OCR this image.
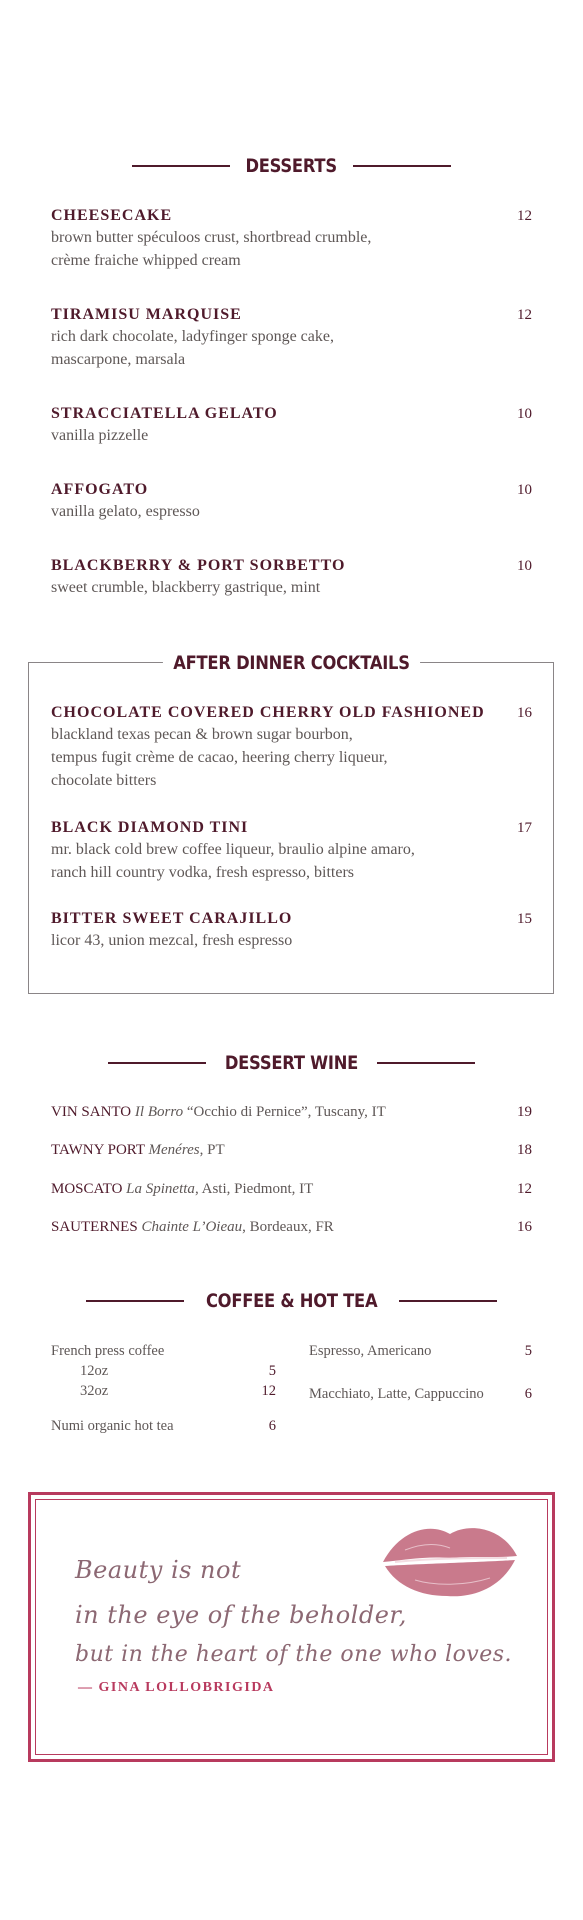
DESSERTS
CHEESECAKE	12
brown butter spéculoos crust, shortbread crumble,
crème fraiche whipped cream
TIRAMISU MARQUISE	12
rich dark chocolate, ladyfinger sponge cake,
mascarpone, marsala
STRACCIATELLA GELATO	10
vanilla pizzelle
AFFOGATO	10
vanilla gelato, espresso
BLACKBERRY & PORT SORBETTO	10
sweet crumble, blackberry gastrique, mint
AFTER DINNER COCKTAILS
CHOCOLATE COVERED CHERRY OLD FASHIONED	16
blackland texas pecan & brown sugar bourbon,
tempus fugit crème de cacao, heering cherry liqueur,
chocolate bitters
BLACK DIAMOND TINI	17
mr. black cold brew coffee liqueur, braulio alpine amaro,
ranch hill country vodka, fresh espresso, bitters
BITTER SWEET CARAJILLO	15
licor 43, union mezcal, fresh espresso
DESSERT WINE
VIN SANTO Il Borro “Occhio di Pernice”, Tuscany, IT	19
TAWNY PORT Menéres, PT	18
MOSCATO La Spinetta, Asti, Piedmont, IT	12
SAUTERNES Chainte L’Oieau, Bordeaux, FR	16
COFFEE & HOT TEA
French press coffee
12oz	5
32oz	12
Numi organic hot tea	6
Espresso, Americano	5
Macchiato, Latte, Cappuccino	6
Beauty is not
in the eye of the beholder,
but in the heart of the one who loves.
— GINA LOLLOBRIGIDA
